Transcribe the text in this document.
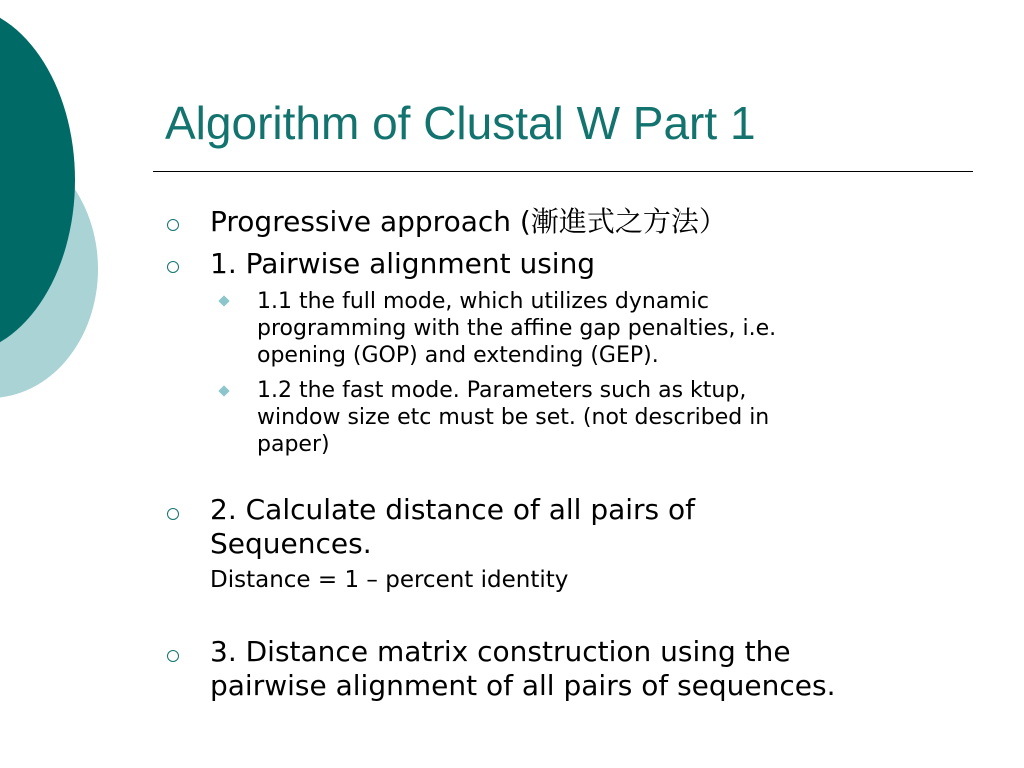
Algorithm of Clustal W Part 1
Progressive approach (漸進式之方法）
1. Pairwise alignment using
1.1 the full mode, which utilizes dynamic
programming with the affine gap penalties, i.e.
opening (GOP) and extending (GEP).
1.2 the fast mode. Parameters such as ktup,
window size etc must be set. (not described in
paper)
2. Calculate distance of all pairs of
Sequences.
Distance = 1 – percent identity
3. Distance matrix construction using the
pairwise alignment of all pairs of sequences.
